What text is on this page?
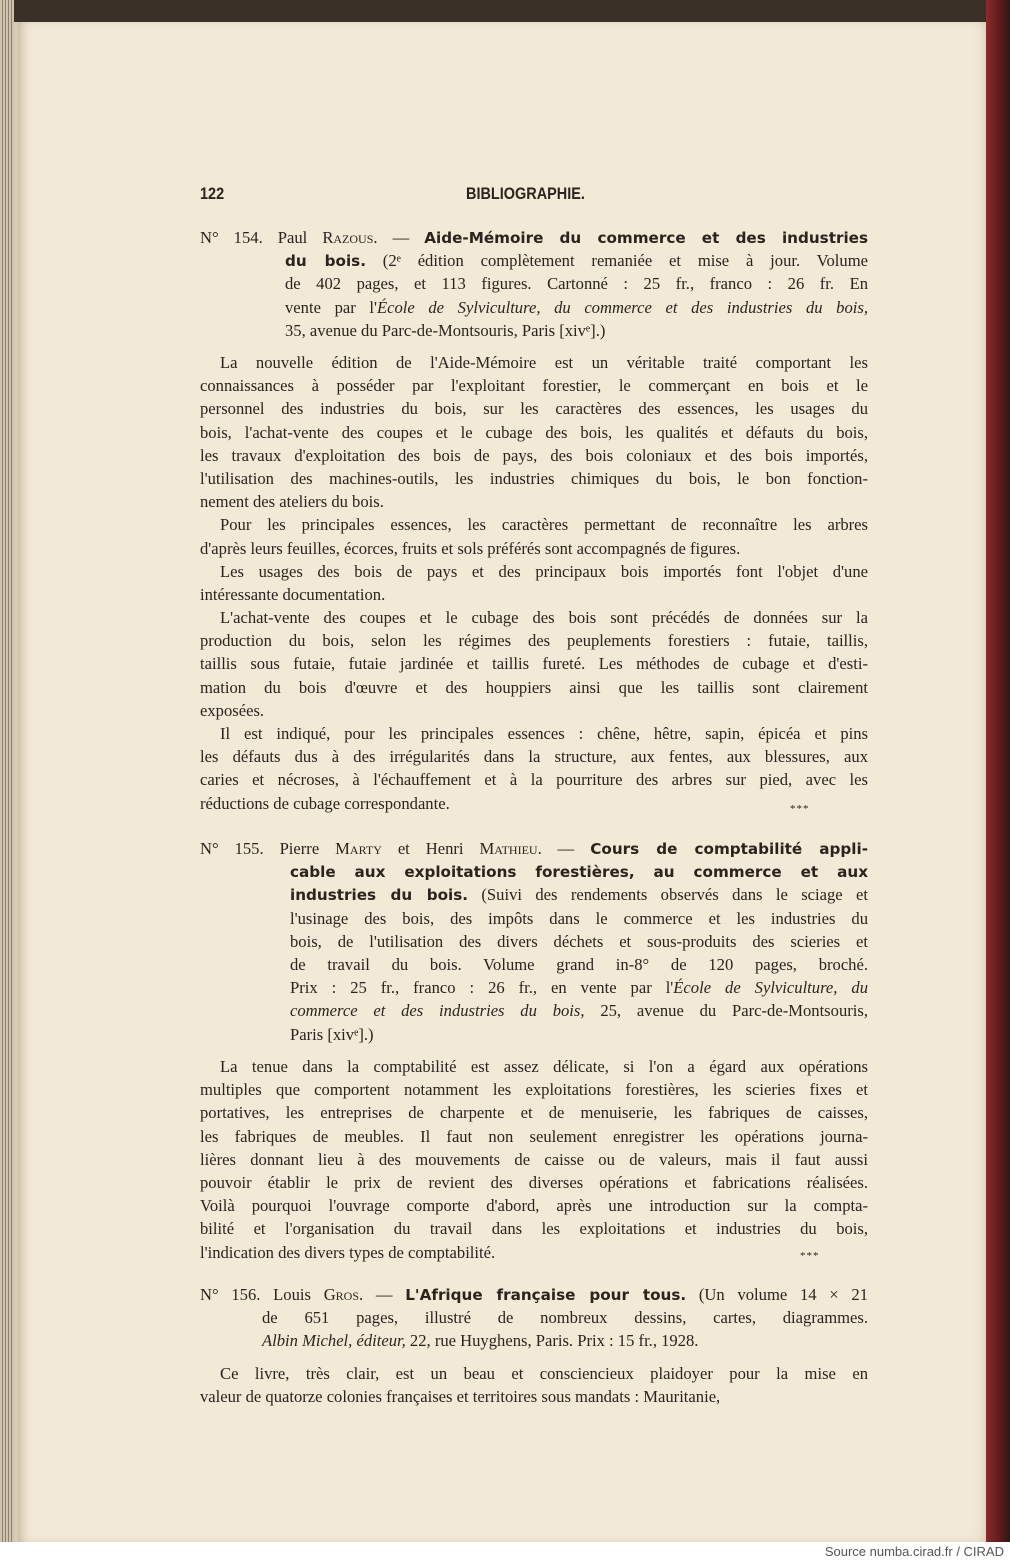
122	BIBLIOGRAPHIE.
N° 154. Paul Razous. — Aide-Mémoire du commerce et des industries
du bois. (2ᵉ édition complètement remaniée et mise à jour. Volume
de 402 pages, et 113 figures. Cartonné : 25 fr., franco : 26 fr. En
vente par l'École de Sylviculture, du commerce et des industries du bois,
35, avenue du Parc-de-Montsouris, Paris [xivᵉ].)
La nouvelle édition de l'Aide-Mémoire est un véritable traité comportant les
connaissances à posséder par l'exploitant forestier, le commerçant en bois et le
personnel des industries du bois, sur les caractères des essences, les usages du
bois, l'achat-vente des coupes et le cubage des bois, les qualités et défauts du bois,
les travaux d'exploitation des bois de pays, des bois coloniaux et des bois importés,
l'utilisation des machines-outils, les industries chimiques du bois, le bon fonction-
nement des ateliers du bois.
Pour les principales essences, les caractères permettant de reconnaître les arbres
d'après leurs feuilles, écorces, fruits et sols préférés sont accompagnés de figures.
Les usages des bois de pays et des principaux bois importés font l'objet d'une
intéressante documentation.
L'achat-vente des coupes et le cubage des bois sont précédés de données sur la
production du bois, selon les régimes des peuplements forestiers : futaie, taillis,
taillis sous futaie, futaie jardinée et taillis fureté. Les méthodes de cubage et d'esti-
mation du bois d'œuvre et des houppiers ainsi que les taillis sont clairement
exposées.
Il est indiqué, pour les principales essences : chêne, hêtre, sapin, épicéa et pins
les défauts dus à des irrégularités dans la structure, aux fentes, aux blessures, aux
caries et nécroses, à l'échauffement et à la pourriture des arbres sur pied, avec les
réductions de cubage correspondante.	***
N° 155. Pierre Marty et Henri Mathieu. — Cours de comptabilité appli-
cable aux exploitations forestières, au commerce et aux
industries du bois. (Suivi des rendements observés dans le sciage et
l'usinage des bois, des impôts dans le commerce et les industries du
bois, de l'utilisation des divers déchets et sous-produits des scieries et
de travail du bois. Volume grand in-8° de 120 pages, broché.
Prix : 25 fr., franco : 26 fr., en vente par l'École de Sylviculture, du
commerce et des industries du bois, 25, avenue du Parc-de-Montsouris,
Paris [xivᵉ].)
La tenue dans la comptabilité est assez délicate, si l'on a égard aux opérations
multiples que comportent notamment les exploitations forestières, les scieries fixes et
portatives, les entreprises de charpente et de menuiserie, les fabriques de caisses,
les fabriques de meubles. Il faut non seulement enregistrer les opérations journa-
lières donnant lieu à des mouvements de caisse ou de valeurs, mais il faut aussi
pouvoir établir le prix de revient des diverses opérations et fabrications réalisées.
Voilà pourquoi l'ouvrage comporte d'abord, après une introduction sur la compta-
bilité et l'organisation du travail dans les exploitations et industries du bois,
l'indication des divers types de comptabilité.	***
N° 156. Louis Gros. — L'Afrique française pour tous. (Un volume 14 × 21
de 651 pages, illustré de nombreux dessins, cartes, diagrammes.
Albin Michel, éditeur, 22, rue Huyghens, Paris. Prix : 15 fr., 1928.
Ce livre, très clair, est un beau et consciencieux plaidoyer pour la mise en
valeur de quatorze colonies françaises et territoires sous mandats : Mauritanie,
Source numba.cirad.fr / CIRAD
